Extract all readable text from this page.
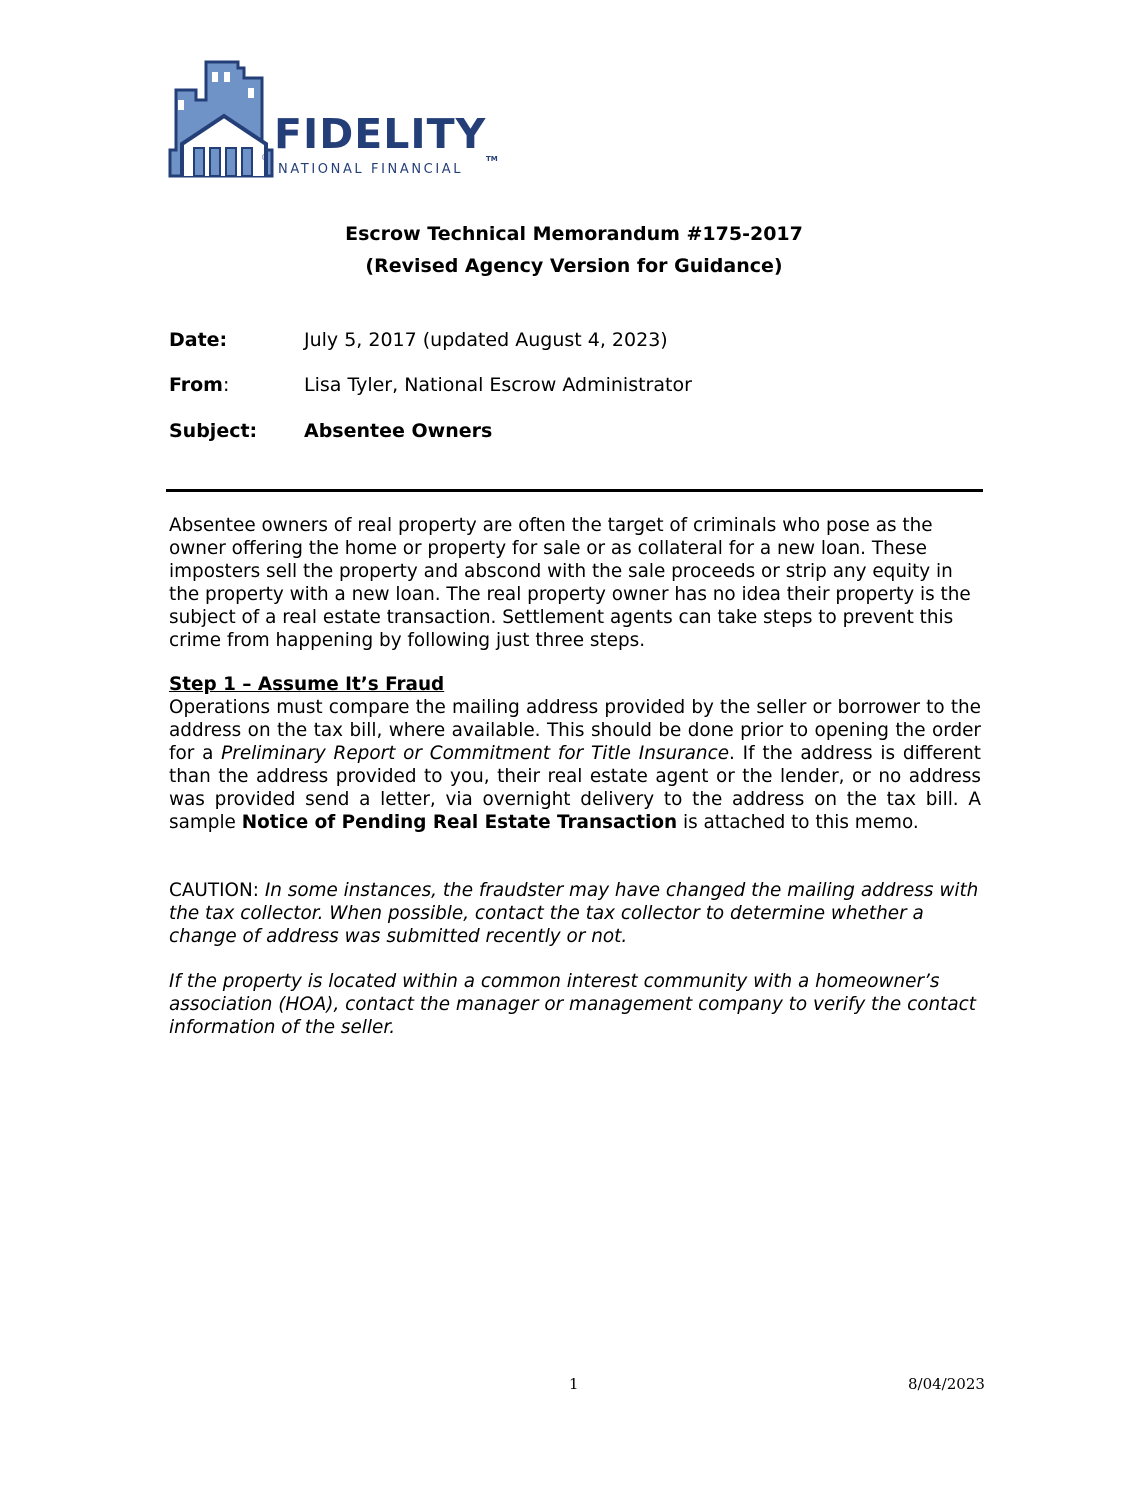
FIDELITY
NATIONAL FINANCIAL
®	TM
Escrow Technical Memorandum #175-2017
(Revised Agency Version for Guidance)
Date:	July 5, 2017 (updated August 4, 2023)
From:	Lisa Tyler, National Escrow Administrator
Subject: Absentee Owners

Absentee owners of real property are often the target of criminals who pose as the owner offering the home or property for sale or as collateral for a new loan. These imposters sell the property and abscond with the sale proceeds or strip any equity in the property with a new loan. The real property owner has no idea their property is the subject of a real estate transaction. Settlement agents can take steps to prevent this crime from happening by following just three steps.

Step 1 – Assume It’s Fraud

Operations must compare the mailing address provided by the seller or borrower to the address on the tax bill, where available. This should be done prior to opening the order for a Preliminary Report or Commitment for Title Insurance. If the address is different than the address provided to you, their real estate agent or the lender, or no address was provided send a letter, via overnight delivery to the address on the tax bill. A sample Notice of Pending Real Estate Transaction is attached to this memo.

CAUTION: In some instances, the fraudster may have changed the mailing address with the tax collector. When possible, contact the tax collector to determine whether a change of address was submitted recently or not.

If the property is located within a common interest community with a homeowner’s association (HOA), contact the manager or management company to verify the contact information of the seller.

1	8/04/2023
